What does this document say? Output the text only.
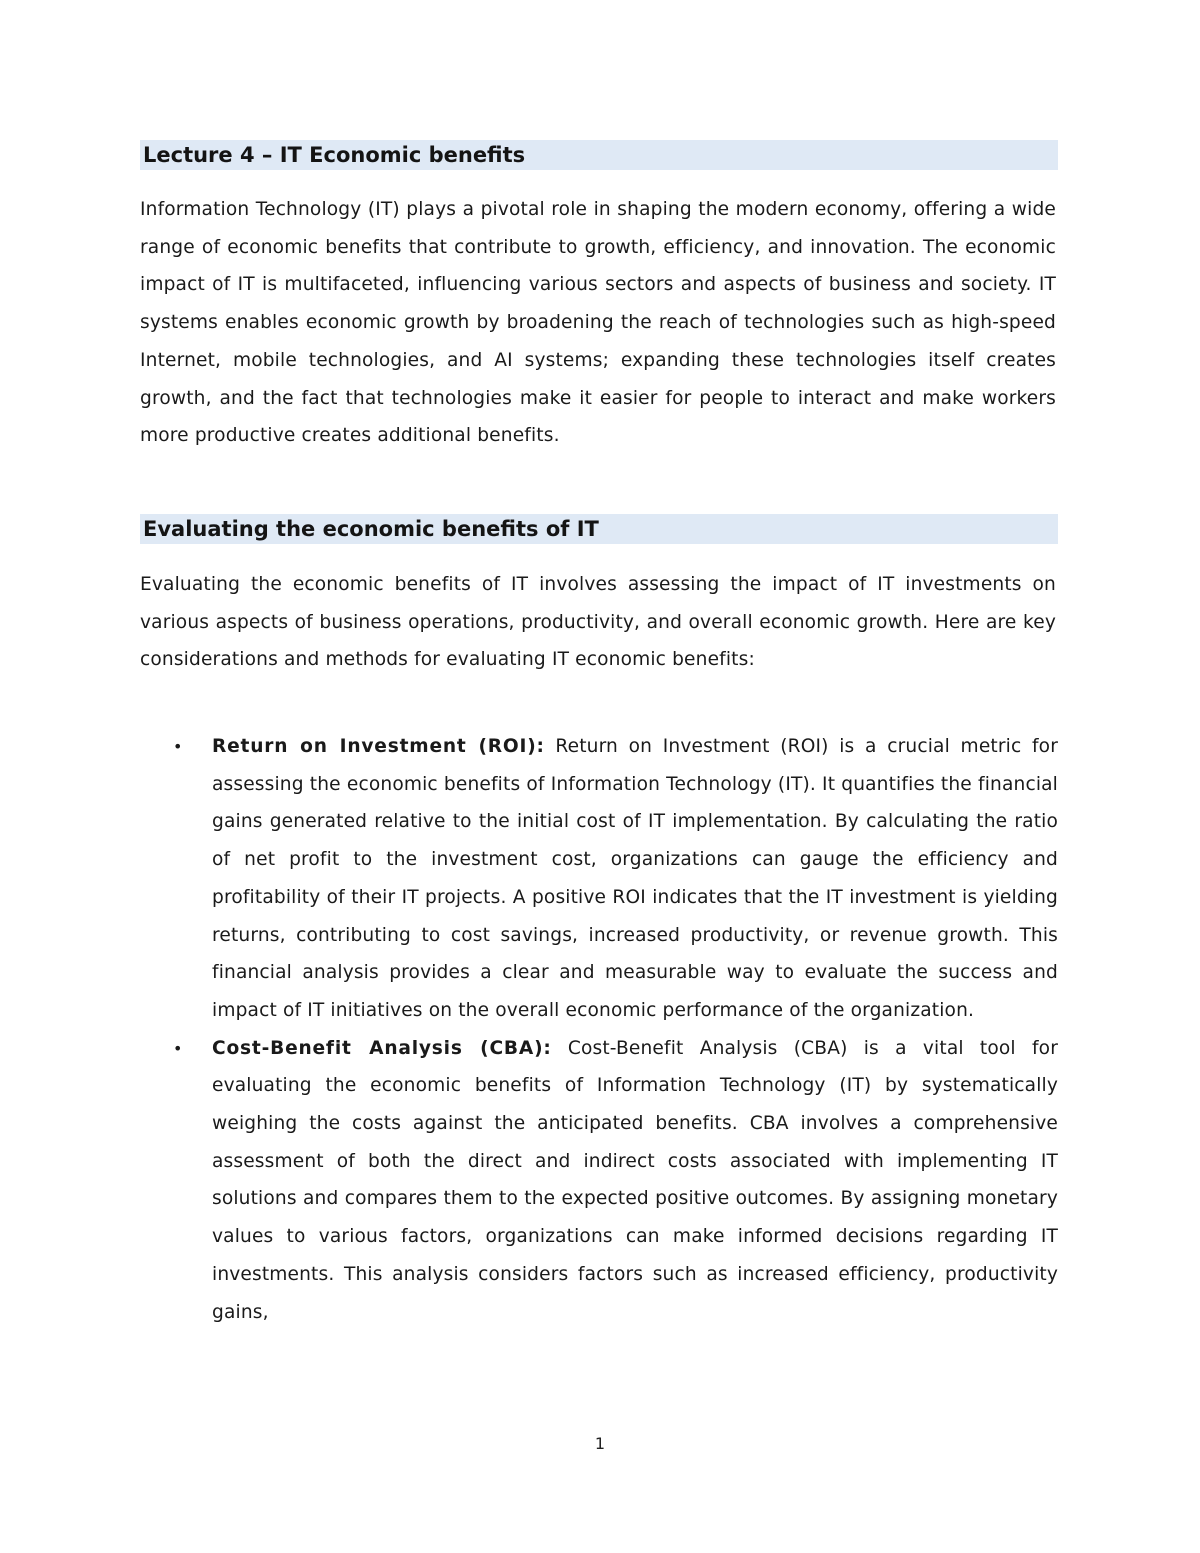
Lecture 4 – IT Economic benefits

Information Technology (IT) plays a pivotal role in shaping the modern economy, offering a wide range of economic benefits that contribute to growth, efficiency, and innovation. The economic impact of IT is multifaceted, influencing various sectors and aspects of business and society. IT systems enables economic growth by broadening the reach of technologies such as high-speed Internet, mobile technologies, and AI systems; expanding these technologies itself creates growth, and the fact that technologies make it easier for people to interact and make workers more productive creates additional benefits.

Evaluating the economic benefits of IT

Evaluating the economic benefits of IT involves assessing the impact of IT investments on various aspects of business operations, productivity, and overall economic growth. Here are key considerations and methods for evaluating IT economic benefits:

• Return on Investment (ROI): Return on Investment (ROI) is a crucial metric for assessing the economic benefits of Information Technology (IT). It quantifies the financial gains generated relative to the initial cost of IT implementation. By calculating the ratio of net profit to the investment cost, organizations can gauge the efficiency and profitability of their IT projects. A positive ROI indicates that the IT investment is yielding returns, contributing to cost savings, increased productivity, or revenue growth. This financial analysis provides a clear and measurable way to evaluate the success and impact of IT initiatives on the overall economic performance of the organization.
• Cost-Benefit Analysis (CBA): Cost-Benefit Analysis (CBA) is a vital tool for evaluating the economic benefits of Information Technology (IT) by systematically weighing the costs against the anticipated benefits. CBA involves a comprehensive assessment of both the direct and indirect costs associated with implementing IT solutions and compares them to the expected positive outcomes. By assigning monetary values to various factors, organizations can make informed decisions regarding IT investments. This analysis considers factors such as increased efficiency, productivity gains,
1
